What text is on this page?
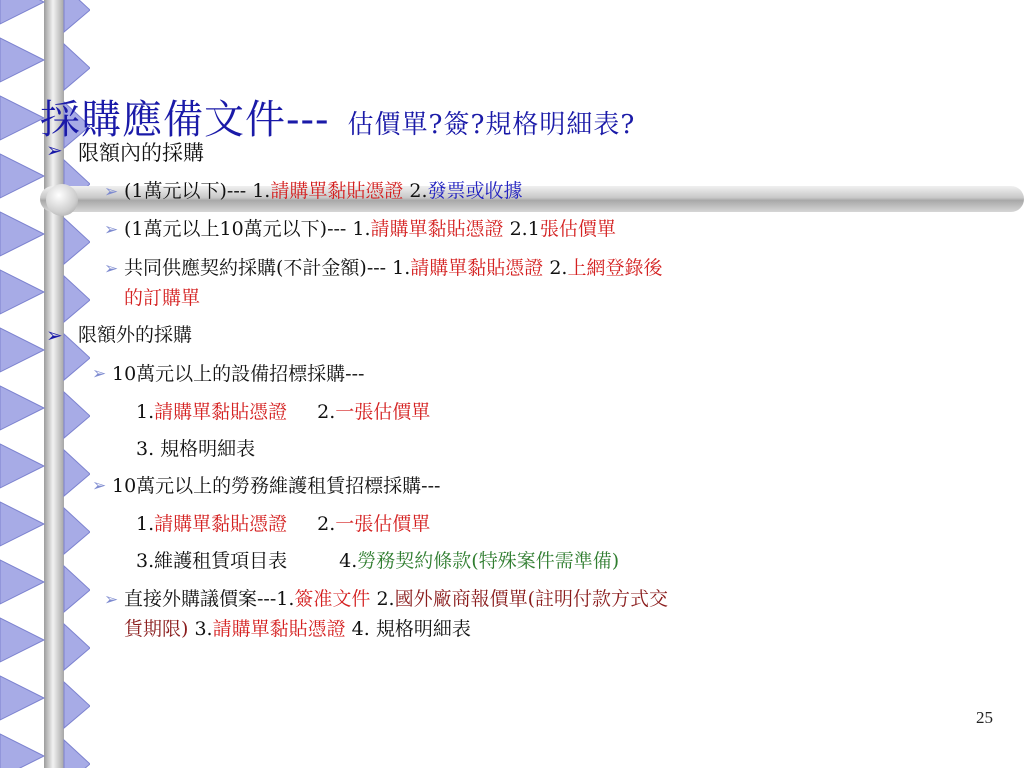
採購應備文件--- 估價單?簽?規格明細表?
➢ 限額內的採購
➢ (1萬元以下)--- 1.請購單黏貼憑證 2.發票或收據
➢ (1萬元以上10萬元以下)--- 1.請購單黏貼憑證 2.1張估價單
➢ 共同供應契約採購(不計金額)--- 1.請購單黏貼憑證 2.上網登錄後
的訂購單
➢ 限額外的採購
➢ 10萬元以上的設備招標採購---
1.請購單黏貼憑證 2.一張估價單
3. 規格明細表
➢ 10萬元以上的勞務維護租賃招標採購---
1.請購單黏貼憑證 2.一張估價單
3.維護租賃項目表	4.勞務契約條款(特殊案件需準備)
➢ 直接外購議價案---1.簽准文件 2.國外廠商報價單(註明付款方式交
貨期限) 3.請購單黏貼憑證 4. 規格明細表
25
